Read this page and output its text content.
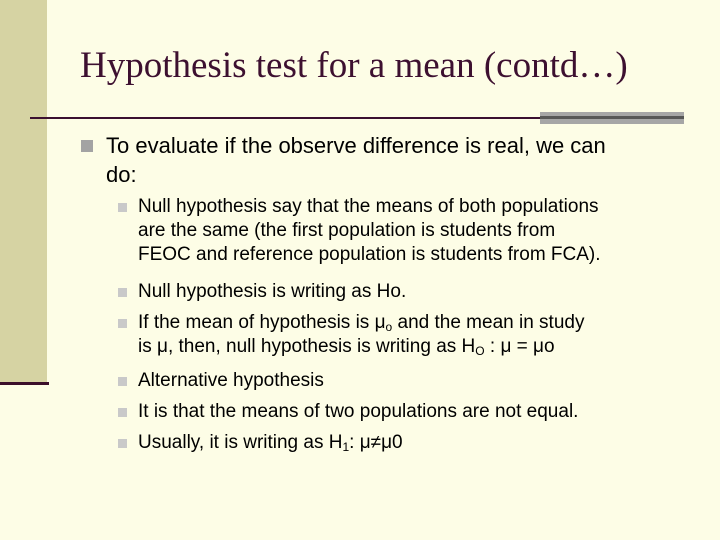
Hypothesis test for a mean (contd…)
To evaluate if the observe difference is real, we can
do:
Null hypothesis say that the means of both populations
are the same (the first population is students from
FEOC and reference population is students from FCA).
Null hypothesis is writing as Ho.
If the mean of hypothesis is $\mu_o$ and the mean in study
is μ, then, null hypothesis is writing as $H_O$ : μ = μo
Alternative hypothesis
It is that the means of two populations are not equal.
Usually, it is writing as $H_1$: μ≠μ0
